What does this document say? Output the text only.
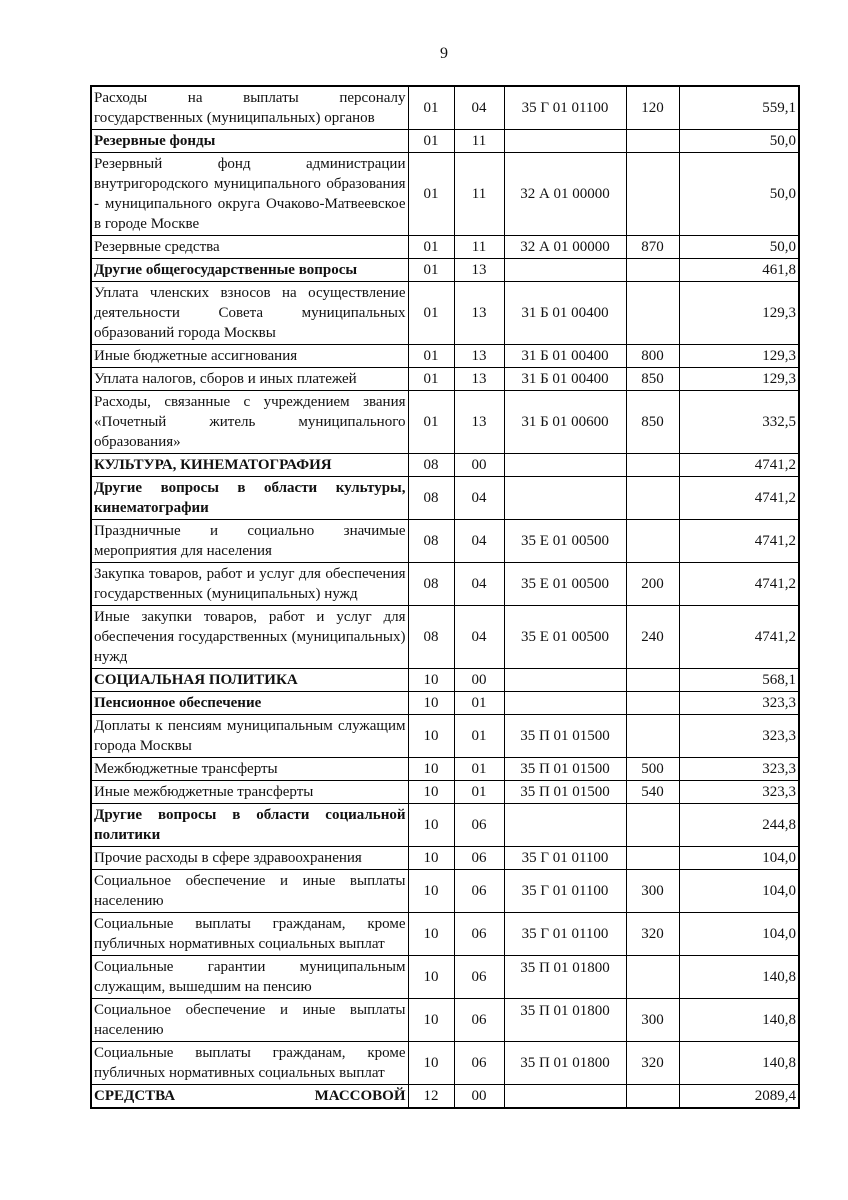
9
Расходы на выплаты персоналу государственных (муниципальных) органов	01	04	35 Г 01 01100	120	559,1
Резервные фонды	01	11			50,0
Резервный фонд администрации внутригородского муниципального образования - муниципального округа Очаково-Матвеевское в городе Москве	01	11	32 А 01 00000		50,0
Резервные средства	01	11	32 А 01 00000	870	50,0
Другие общегосударственные вопросы	01	13			461,8
Уплата членских взносов на осуществление деятельности Совета муниципальных образований города Москвы	01	13	31 Б 01 00400		129,3
Иные бюджетные ассигнования	01	13	31 Б 01 00400	800	129,3
Уплата налогов, сборов и иных платежей	01	13	31 Б 01 00400	850	129,3
Расходы, связанные с учреждением звания «Почетный житель муниципального образования»	01	13	31 Б 01 00600	850	332,5
КУЛЬТУРА, КИНЕМАТОГРАФИЯ	08	00			4741,2
Другие вопросы в области культуры, кинематографии	08	04			4741,2
Праздничные и социально значимые мероприятия для населения	08	04	35 Е 01 00500		4741,2
Закупка товаров, работ и услуг для обеспечения государственных (муниципальных) нужд	08	04	35 Е 01 00500	200	4741,2
Иные закупки товаров, работ и услуг для обеспечения государственных (муниципальных) нужд	08	04	35 Е 01 00500	240	4741,2
СОЦИАЛЬНАЯ ПОЛИТИКА	10	00			568,1
Пенсионное обеспечение	10	01			323,3
Доплаты к пенсиям муниципальным служащим города Москвы	10	01	35 П 01 01500		323,3
Межбюджетные трансферты	10	01	35 П 01 01500	500	323,3
Иные межбюджетные трансферты	10	01	35 П 01 01500	540	323,3
Другие вопросы в области социальной политики	10	06			244,8
Прочие расходы в сфере здравоохранения	10	06	35 Г 01 01100		104,0
Социальное обеспечение и иные выплаты населению	10	06	35 Г 01 01100	300	104,0
Социальные выплаты гражданам, кроме публичных нормативных социальных выплат	10	06	35 Г 01 01100	320	104,0
Социальные гарантии муниципальным служащим, вышедшим на пенсию	10	06	35 П 01 01800		140,8
Социальное обеспечение и иные выплаты населению	10	06	35 П 01 01800	300	140,8
Социальные выплаты гражданам, кроме публичных нормативных социальных выплат	10	06	35 П 01 01800	320	140,8
СРЕДСТВА МАССОВОЙ	12	00			2089,4
